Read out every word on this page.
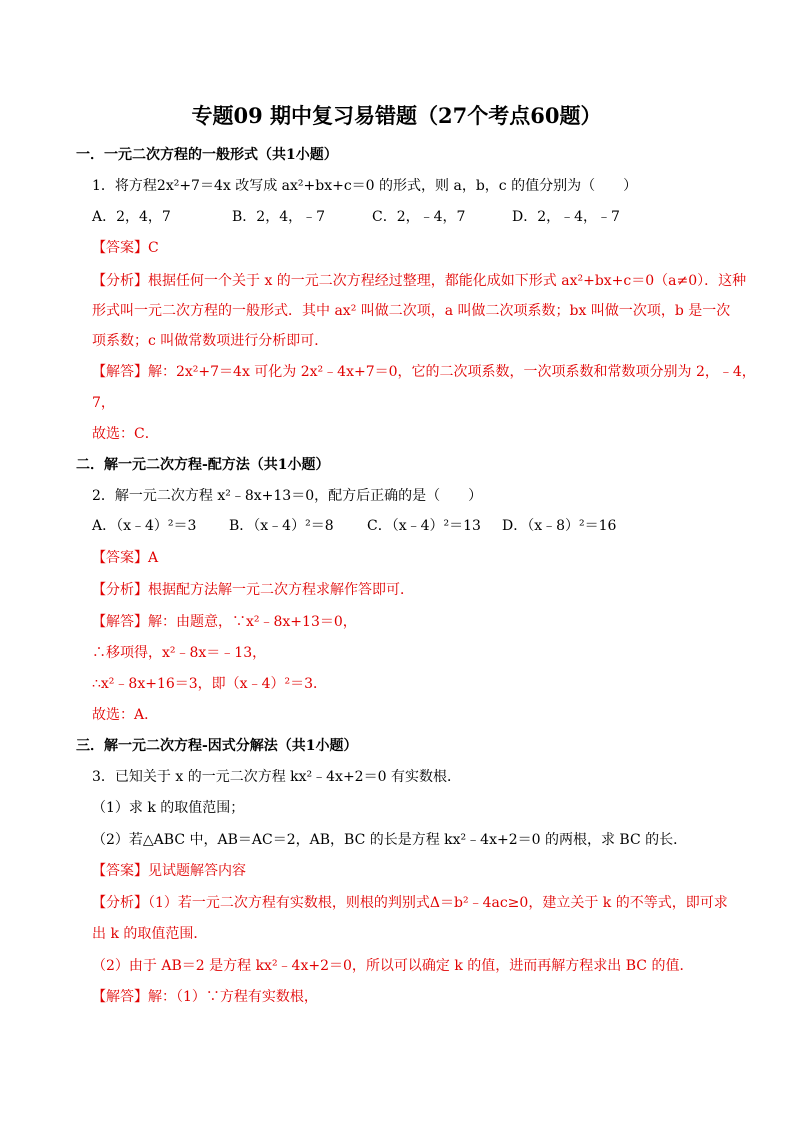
专题09 期中复习易错题（27个考点60题）
一．一元二次方程的一般形式（共1小题）
1．将方程2x²+7＝4x 改写成 ax²+bx+c＝0 的形式，则 a，b，c 的值分别为（　　）
A．2，4，7	B．2，4，﹣7	C．2，﹣4，7	D．2，﹣4，﹣7
【答案】C
【分析】根据任何一个关于 x 的一元二次方程经过整理，都能化成如下形式 ax²+bx+c＝0（a≠0）．这种
形式叫一元二次方程的一般形式．其中 ax² 叫做二次项，a 叫做二次项系数；bx 叫做一次项，b 是一次
项系数；c 叫做常数项进行分析即可．
【解答】解：2x²+7＝4x 可化为 2x²﹣4x+7＝0，它的二次项系数，一次项系数和常数项分别为 2，﹣4，
7，
故选：C．
二．解一元二次方程-配方法（共1小题）
2．解一元二次方程 x²﹣8x+13＝0，配方后正确的是（　　）
A．（x﹣4）²＝3 B．（x﹣4）²＝8 C．（x﹣4）²＝13 D．（x﹣8）²＝16
【答案】A
【分析】根据配方法解一元二次方程求解作答即可．
【解答】解：由题意，∵x²﹣8x+13＝0，
∴移项得，x²﹣8x＝﹣13，
∴x²﹣8x+16＝3，即（x﹣4）²＝3．
故选：A．
三．解一元二次方程-因式分解法（共1小题）
3．已知关于 x 的一元二次方程 kx²﹣4x+2＝0 有实数根．
（1）求 k 的取值范围；
（2）若△ABC 中，AB＝AC＝2，AB，BC 的长是方程 kx²﹣4x+2＝0 的两根，求 BC 的长．
【答案】见试题解答内容
【分析】（1）若一元二次方程有实数根，则根的判别式Δ＝b²﹣4ac≥0，建立关于 k 的不等式，即可求
出 k 的取值范围．
（2）由于 AB＝2 是方程 kx²﹣4x+2＝0，所以可以确定 k 的值，进而再解方程求出 BC 的值．
【解答】解：（1）∵方程有实数根，
